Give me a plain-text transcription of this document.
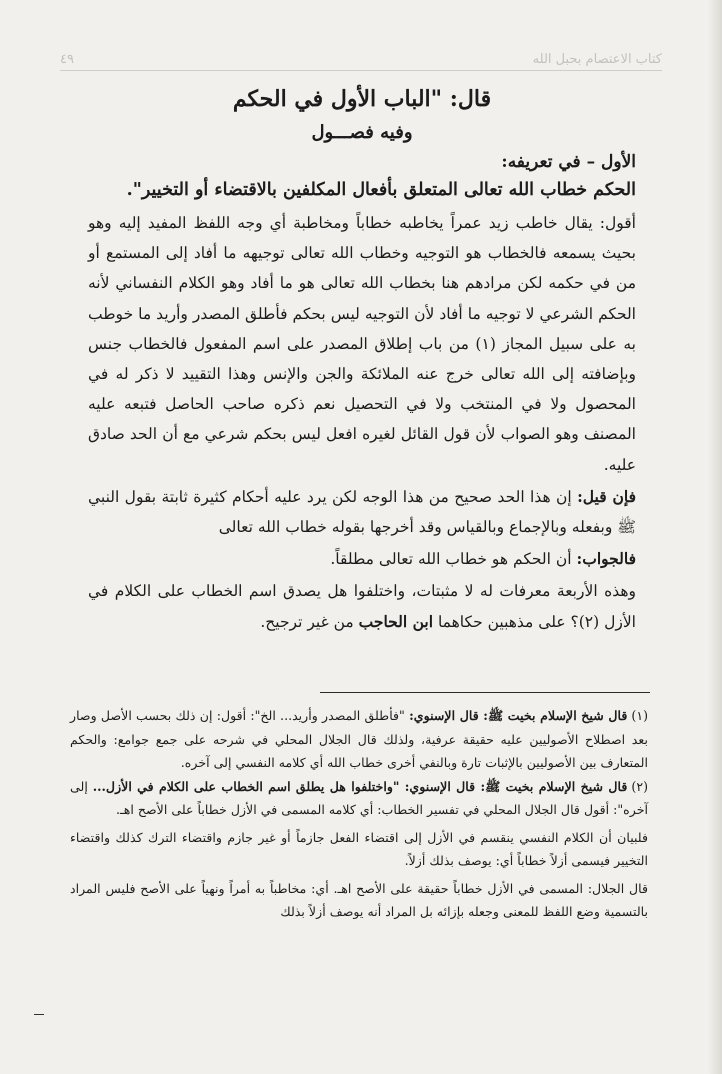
كتاب الاعتصام بحبل الله
٤٩

قال: "الباب الأول في الحكم

وفيه فصـــول

الأول – في تعريفه:

الحكم خطاب الله تعالى المتعلق بأفعال المكلفين بالاقتضاء أو التخيير".

أقول: يقال خاطب زيد عمراً يخاطبه خطاباً ومخاطبة أي وجه اللفظ المفيد إليه وهو بحيث يسمعه فالخطاب هو التوجيه وخطاب الله تعالى توجيهه ما أفاد إلى المستمع أو من في حكمه لكن مرادهم هنا بخطاب الله تعالى هو ما أفاد وهو الكلام النفساني لأنه الحكم الشرعي لا توجيه ما أفاد لأن التوجيه ليس بحكم فأطلق المصدر وأريد ما خوطب به على سبيل المجاز (١) من باب إطلاق المصدر على اسم المفعول فالخطاب جنس وبإضافته إلى الله تعالى خرج عنه الملائكة والجن والإنس وهذا التقييد لا ذكر له في المحصول ولا في المنتخب ولا في التحصيل نعم ذكره صاحب الحاصل فتبعه عليه المصنف وهو الصواب لأن قول القائل لغيره افعل ليس بحكم شرعي مع أن الحد صادق عليه.

فإن قيل: إن هذا الحد صحيح من هذا الوجه لكن يرد عليه أحكام كثيرة ثابتة بقول النبي ﷺ وبفعله وبالإجماع وبالقياس وقد أخرجها بقوله خطاب الله تعالى

فالجواب: أن الحكم هو خطاب الله تعالى مطلقاً.

وهذه الأربعة معرفات له لا مثبتات، واختلفوا هل يصدق اسم الخطاب على الكلام في الأزل (٢)؟ على مذهبين حكاهما ابن الحاجب من غير ترجيح.

(١)قال شيخ الإسلام بخيت ﷺ: قال الإسنوي: "فأطلق المصدر وأريد... الخ": أقول: إن ذلك بحسب الأصل وصار بعد اصطلاح الأصوليين عليه حقيقة عرفية، ولذلك قال الجلال المحلي في شرحه على جمع جوامع: والحكم المتعارف بين الأصوليين بالإثبات تارة وبالنفي أخرى خطاب الله أي كلامه النفسي إلى آخره.

(٢)قال شيخ الإسلام بخيت ﷺ: قال الإسنوي: "واختلفوا هل يطلق اسم الخطاب على الكلام في الأزل... إلى آخره": أقول قال الجلال المحلي في تفسير الخطاب: أي كلامه المسمى في الأزل خطاباً على الأصح اهـ.

فلبيان أن الكلام النفسي ينقسم في الأزل إلى اقتضاء الفعل جازماً أو غير جازم واقتضاء الترك كذلك واقتضاء التخيير فيسمى أزلاً خطاباً أي: يوصف بذلك أزلاً.

قال الجلال: المسمى في الأزل خطاباً حقيقة على الأصح اهـ. أي: مخاطباً به أمراً ونهياً على الأصح فليس المراد بالتسمية وضع اللفظ للمعنى وجعله بإزائه بل المراد أنه يوصف أزلاً بذلك
